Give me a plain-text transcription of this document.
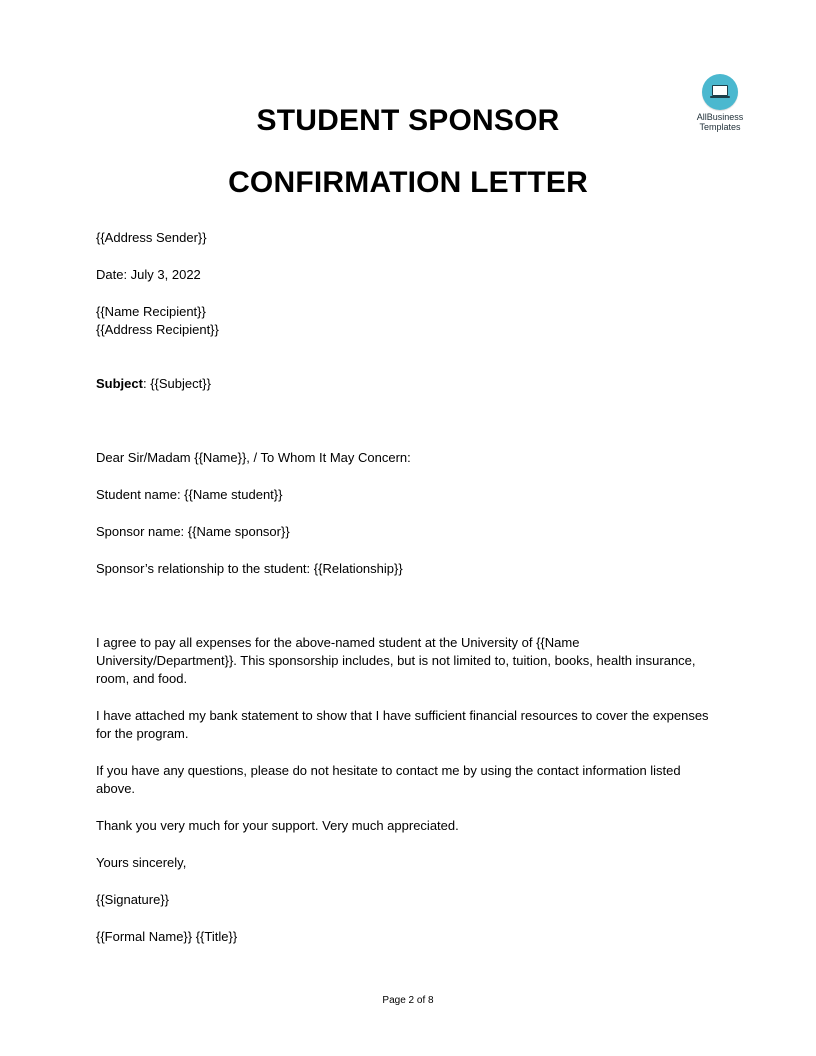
AllBusiness
Templates
STUDENT SPONSOR
CONFIRMATION LETTER

{{Address Sender}}

Date: July 3, 2022

{{Name Recipient}}

{{Address Recipient}}

Subject: {{Subject}}

Dear Sir/Madam {{Name}}, / To Whom It May Concern:

Student name: {{Name student}}

Sponsor name: {{Name sponsor}}

Sponsor’s relationship to the student: {{Relationship}}

I agree to pay all expenses for the above-named student at the University of {{Name University/Department}}. This sponsorship includes, but is not limited to, tuition, books, health insurance, room, and food.

I have attached my bank statement to show that I have sufficient financial resources to cover the expenses for the program.

If you have any questions, please do not hesitate to contact me by using the contact information listed above.

Thank you very much for your support. Very much appreciated.

Yours sincerely,

{{Signature}}

{{Formal Name}} {{Title}}

Page 2 of 8
